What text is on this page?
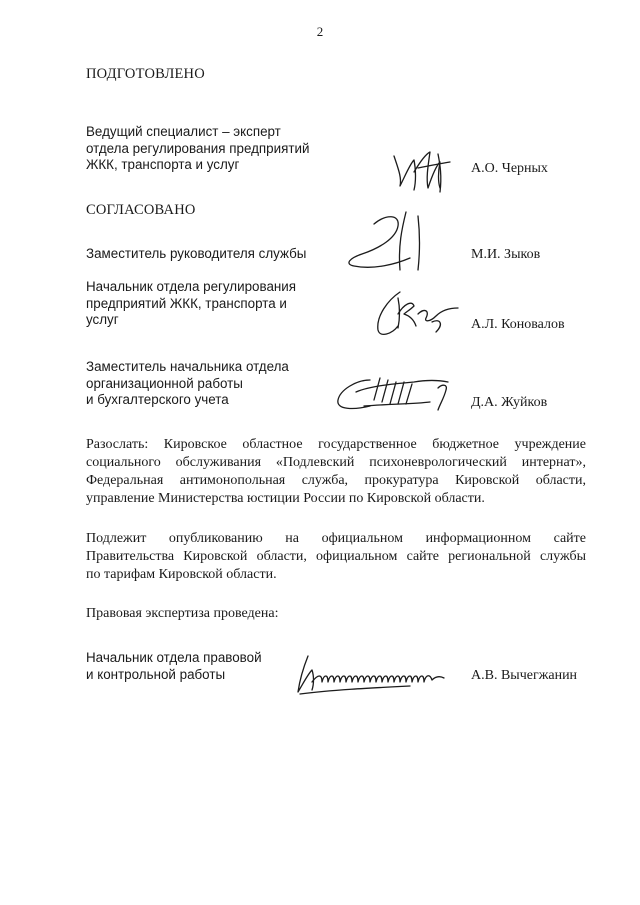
2
ПОДГОТОВЛЕНО
Ведущий специалист – эксперт
отдела регулирования предприятий
ЖКК, транспорта и услуг	А.О. Черных
СОГЛАСОВАНО
Заместитель руководителя службы	М.И. Зыков
Начальник отдела регулирования
предприятий ЖКК, транспорта и
услуг	А.Л. Коновалов
Заместитель начальника отдела
организационной работы
и бухгалтерского учета	Д.А. Жуйков
Разослать: Кировское областное государственное бюджетное учреждение
социального обслуживания «Подлевский психоневрологический интернат»,
Федеральная антимонопольная служба, прокуратура Кировской области,
управление Министерства юстиции России по Кировской области.
Подлежит опубликованию на официальном информационном сайте
Правительства Кировской области, официальном сайте региональной службы
по тарифам Кировской области.
Правовая экспертиза проведена:
Начальник отдела правовой
и контрольной работы	А.В. Вычегжанин
